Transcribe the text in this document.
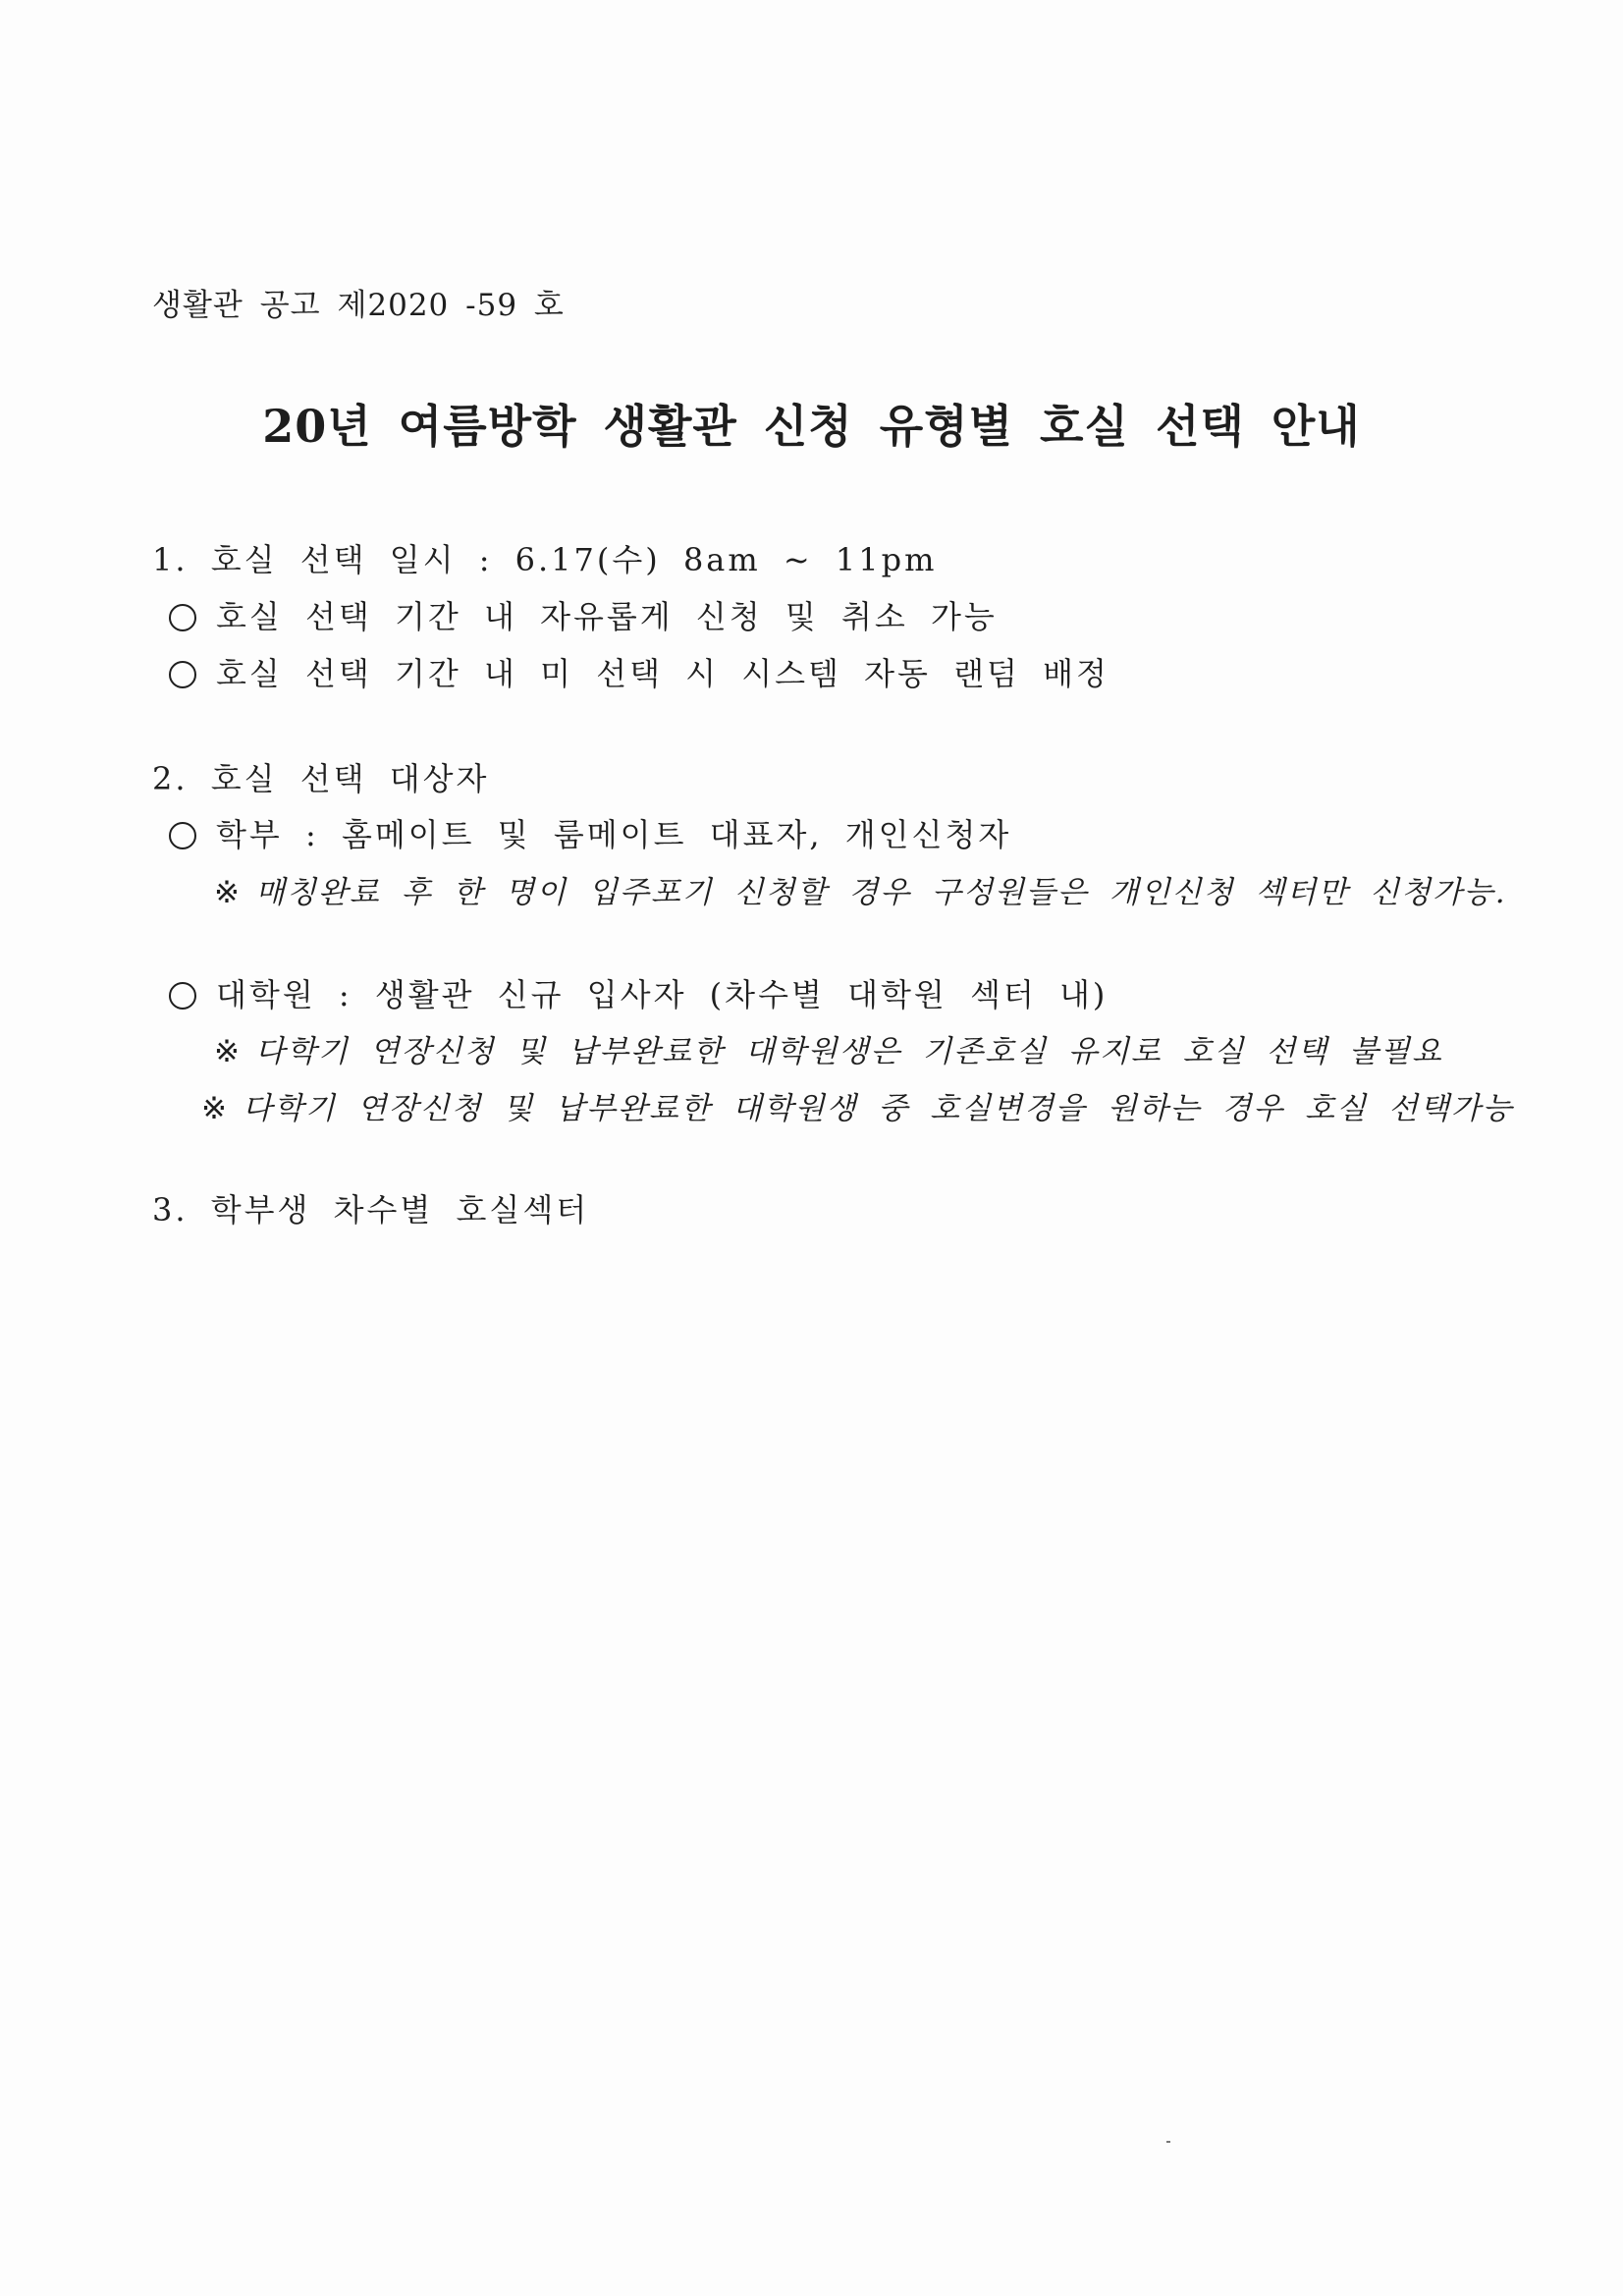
생활관 공고 제2020 -59 호
20년 여름방학 생활관 신청 유형별 호실 선택 안내
1. 호실 선택 일시 : 6.17(수) 8am ~ 11pm
호실 선택 기간 내 자유롭게 신청 및 취소 가능
호실 선택 기간 내 미 선택 시 시스템 자동 랜덤 배정
2. 호실 선택 대상자
학부 : 홈메이트 및 룸메이트 대표자, 개인신청자
※ 매칭완료 후 한 명이 입주포기 신청할 경우 구성원들은 개인신청 섹터만 신청가능.
대학원 : 생활관 신규 입사자 (차수별 대학원 섹터 내)
※ 다학기 연장신청 및 납부완료한 대학원생은 기존호실 유지로 호실 선택 불필요
※ 다학기 연장신청 및 납부완료한 대학원생 중 호실변경을 원하는 경우 호실 선택가능
3. 학부생 차수별 호실섹터
